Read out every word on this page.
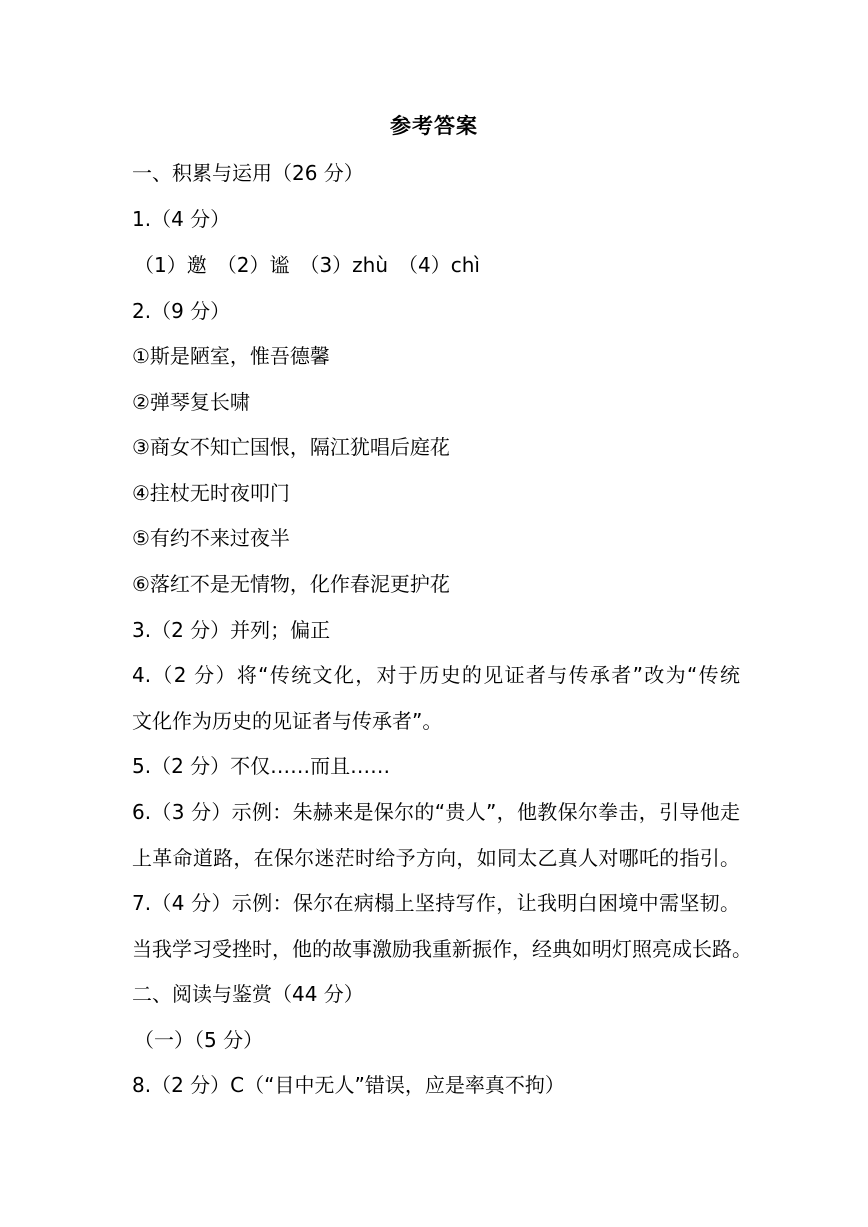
参考答案
一、积累与运用（26 分）
1.（4 分）
（1）邀　（2）谧　（3）zhù　（4）chì
2.（9 分）
①斯是陋室，惟吾德馨
②弹琴复长啸
③商女不知亡国恨，隔江犹唱后庭花
④拄杖无时夜叩门
⑤有约不来过夜半
⑥落红不是无情物，化作春泥更护花
3.（2 分）并列；偏正
4.（2 分）将“传统文化，对于历史的见证者与传承者”改为“传统
文化作为历史的见证者与传承者”。
5.（2 分）不仅……而且……
6.（3 分）示例：朱赫来是保尔的“贵人”，他教保尔拳击，引导他走
上革命道路，在保尔迷茫时给予方向，如同太乙真人对哪吒的指引。
7.（4 分）示例：保尔在病榻上坚持写作，让我明白困境中需坚韧。
当我学习受挫时，他的故事激励我重新振作，经典如明灯照亮成长路。
二、阅读与鉴赏（44 分）
（一）（5 分）
8.（2 分）C（“目中无人”错误，应是率真不拘）
